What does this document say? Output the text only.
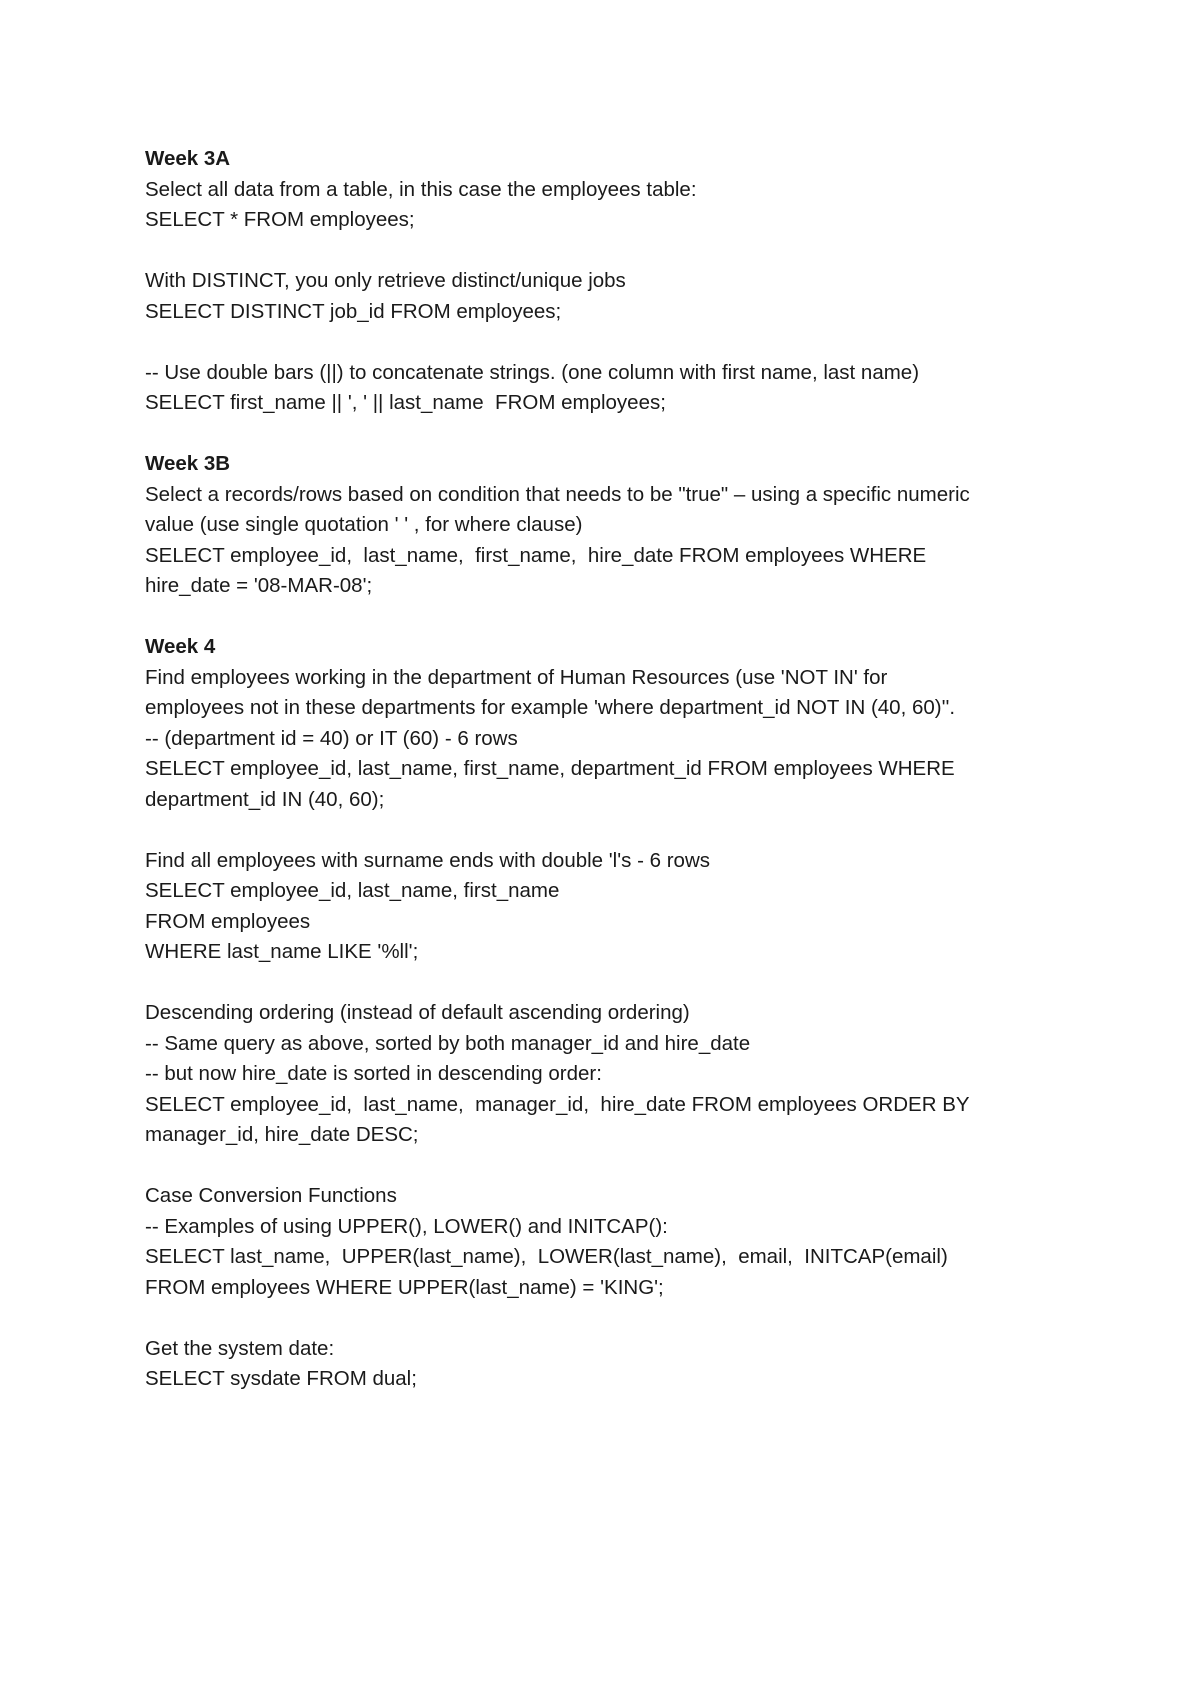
Week 3A

Select all data from a table, in this case the employees table:

SELECT * FROM employees;

With DISTINCT, you only retrieve distinct/unique jobs

SELECT DISTINCT job_id FROM employees;

-- Use double bars (||) to concatenate strings. (one column with first name, last name)

SELECT first_name || ', ' || last_name  FROM employees;

Week 3B

Select a records/rows based on condition that needs to be "true" – using a specific numeric

value (use single quotation ' ' , for where clause)

SELECT employee_id,  last_name,  first_name,  hire_date FROM employees WHERE

hire_date = '08-MAR-08';

Week 4

Find employees working in the department of Human Resources (use 'NOT IN' for

employees not in these departments for example 'where department_id NOT IN (40, 60)''.

-- (department id = 40) or IT (60) - 6 rows

SELECT employee_id, last_name, first_name, department_id FROM employees WHERE

department_id IN (40, 60);

Find all employees with surname ends with double 'l's - 6 rows

SELECT employee_id, last_name, first_name

FROM employees

WHERE last_name LIKE '%ll';

Descending ordering (instead of default ascending ordering)

-- Same query as above, sorted by both manager_id and hire_date

-- but now hire_date is sorted in descending order:

SELECT employee_id,  last_name,  manager_id,  hire_date FROM employees ORDER BY

manager_id, hire_date DESC;

Case Conversion Functions

-- Examples of using UPPER(), LOWER() and INITCAP():

SELECT last_name,  UPPER(last_name),  LOWER(last_name),  email,  INITCAP(email)

FROM employees WHERE UPPER(last_name) = 'KING';

Get the system date:

SELECT sysdate FROM dual;
